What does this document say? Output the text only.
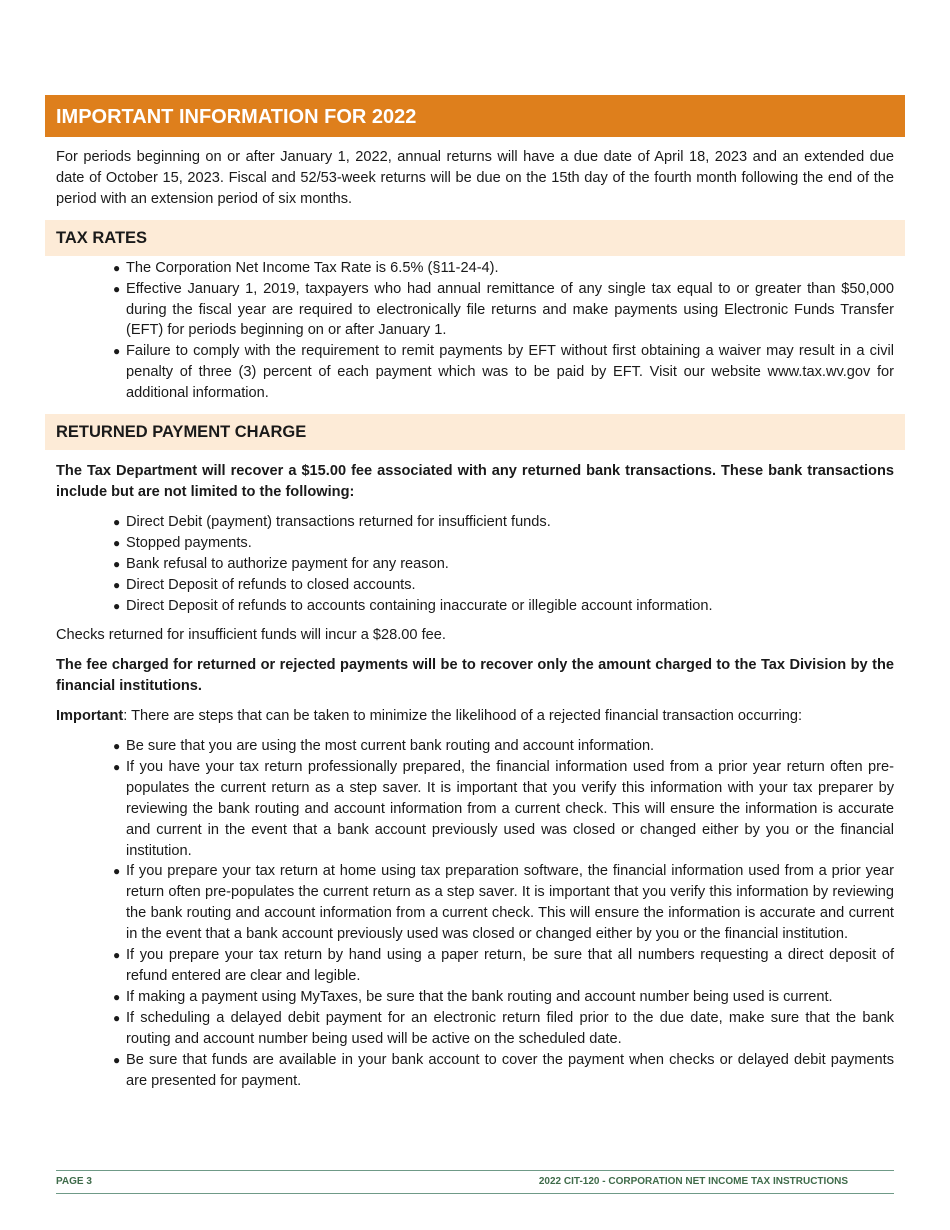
IMPORTANT INFORMATION FOR 2022

For periods beginning on or after January 1, 2022, annual returns will have a due date of April 18, 2023 and an extended due date of October 15, 2023. Fiscal and 52/53-week returns will be due on the 15th day of the fourth month following the end of the period with an extension period of six months.

TAX RATES
● The Corporation Net Income Tax Rate is 6.5% (§11-24-4).
● Effective January 1, 2019, taxpayers who had annual remittance of any single tax equal to or greater than $50,000 during the fiscal year are required to electronically file returns and make payments using Electronic Funds Transfer (EFT) for periods beginning on or after January 1.
● Failure to comply with the requirement to remit payments by EFT without first obtaining a waiver may result in a civil penalty of three (3) percent of each payment which was to be paid by EFT. Visit our website www.tax.wv.gov for additional information.
RETURNED PAYMENT CHARGE

The Tax Department will recover a $15.00 fee associated with any returned bank transactions. These bank transactions include but are not limited to the following:

● Direct Debit (payment) transactions returned for insufficient funds.
● Stopped payments.
● Bank refusal to authorize payment for any reason.
● Direct Deposit of refunds to closed accounts.
● Direct Deposit of refunds to accounts containing inaccurate or illegible account information.

Checks returned for insufficient funds will incur a $28.00 fee.

The fee charged for returned or rejected payments will be to recover only the amount charged to the Tax Division by the financial institutions.

Important: There are steps that can be taken to minimize the likelihood of a rejected financial transaction occurring:

● Be sure that you are using the most current bank routing and account information.
● If you have your tax return professionally prepared, the financial information used from a prior year return often pre-populates the current return as a step saver. It is important that you verify this information with your tax preparer by reviewing the bank routing and account information from a current check. This will ensure the information is accurate and current in the event that a bank account previously used was closed or changed either by you or the financial institution.
● If you prepare your tax return at home using tax preparation software, the financial information used from a prior year return often pre-populates the current return as a step saver. It is important that you verify this information by reviewing the bank routing and account information from a current check. This will ensure the information is accurate and current in the event that a bank account previously used was closed or changed either by you or the financial institution.
● If you prepare your tax return by hand using a paper return, be sure that all numbers requesting a direct deposit of refund entered are clear and legible.
● If making a payment using MyTaxes, be sure that the bank routing and account number being used is current.
● If scheduling a delayed debit payment for an electronic return filed prior to the due date, make sure that the bank routing and account number being used will be active on the scheduled date.
● Be sure that funds are available in your bank account to cover the payment when checks or delayed debit payments are presented for payment.
PAGE 3	2022 CIT-120 - CORPORATION NET INCOME TAX INSTRUCTIONS
